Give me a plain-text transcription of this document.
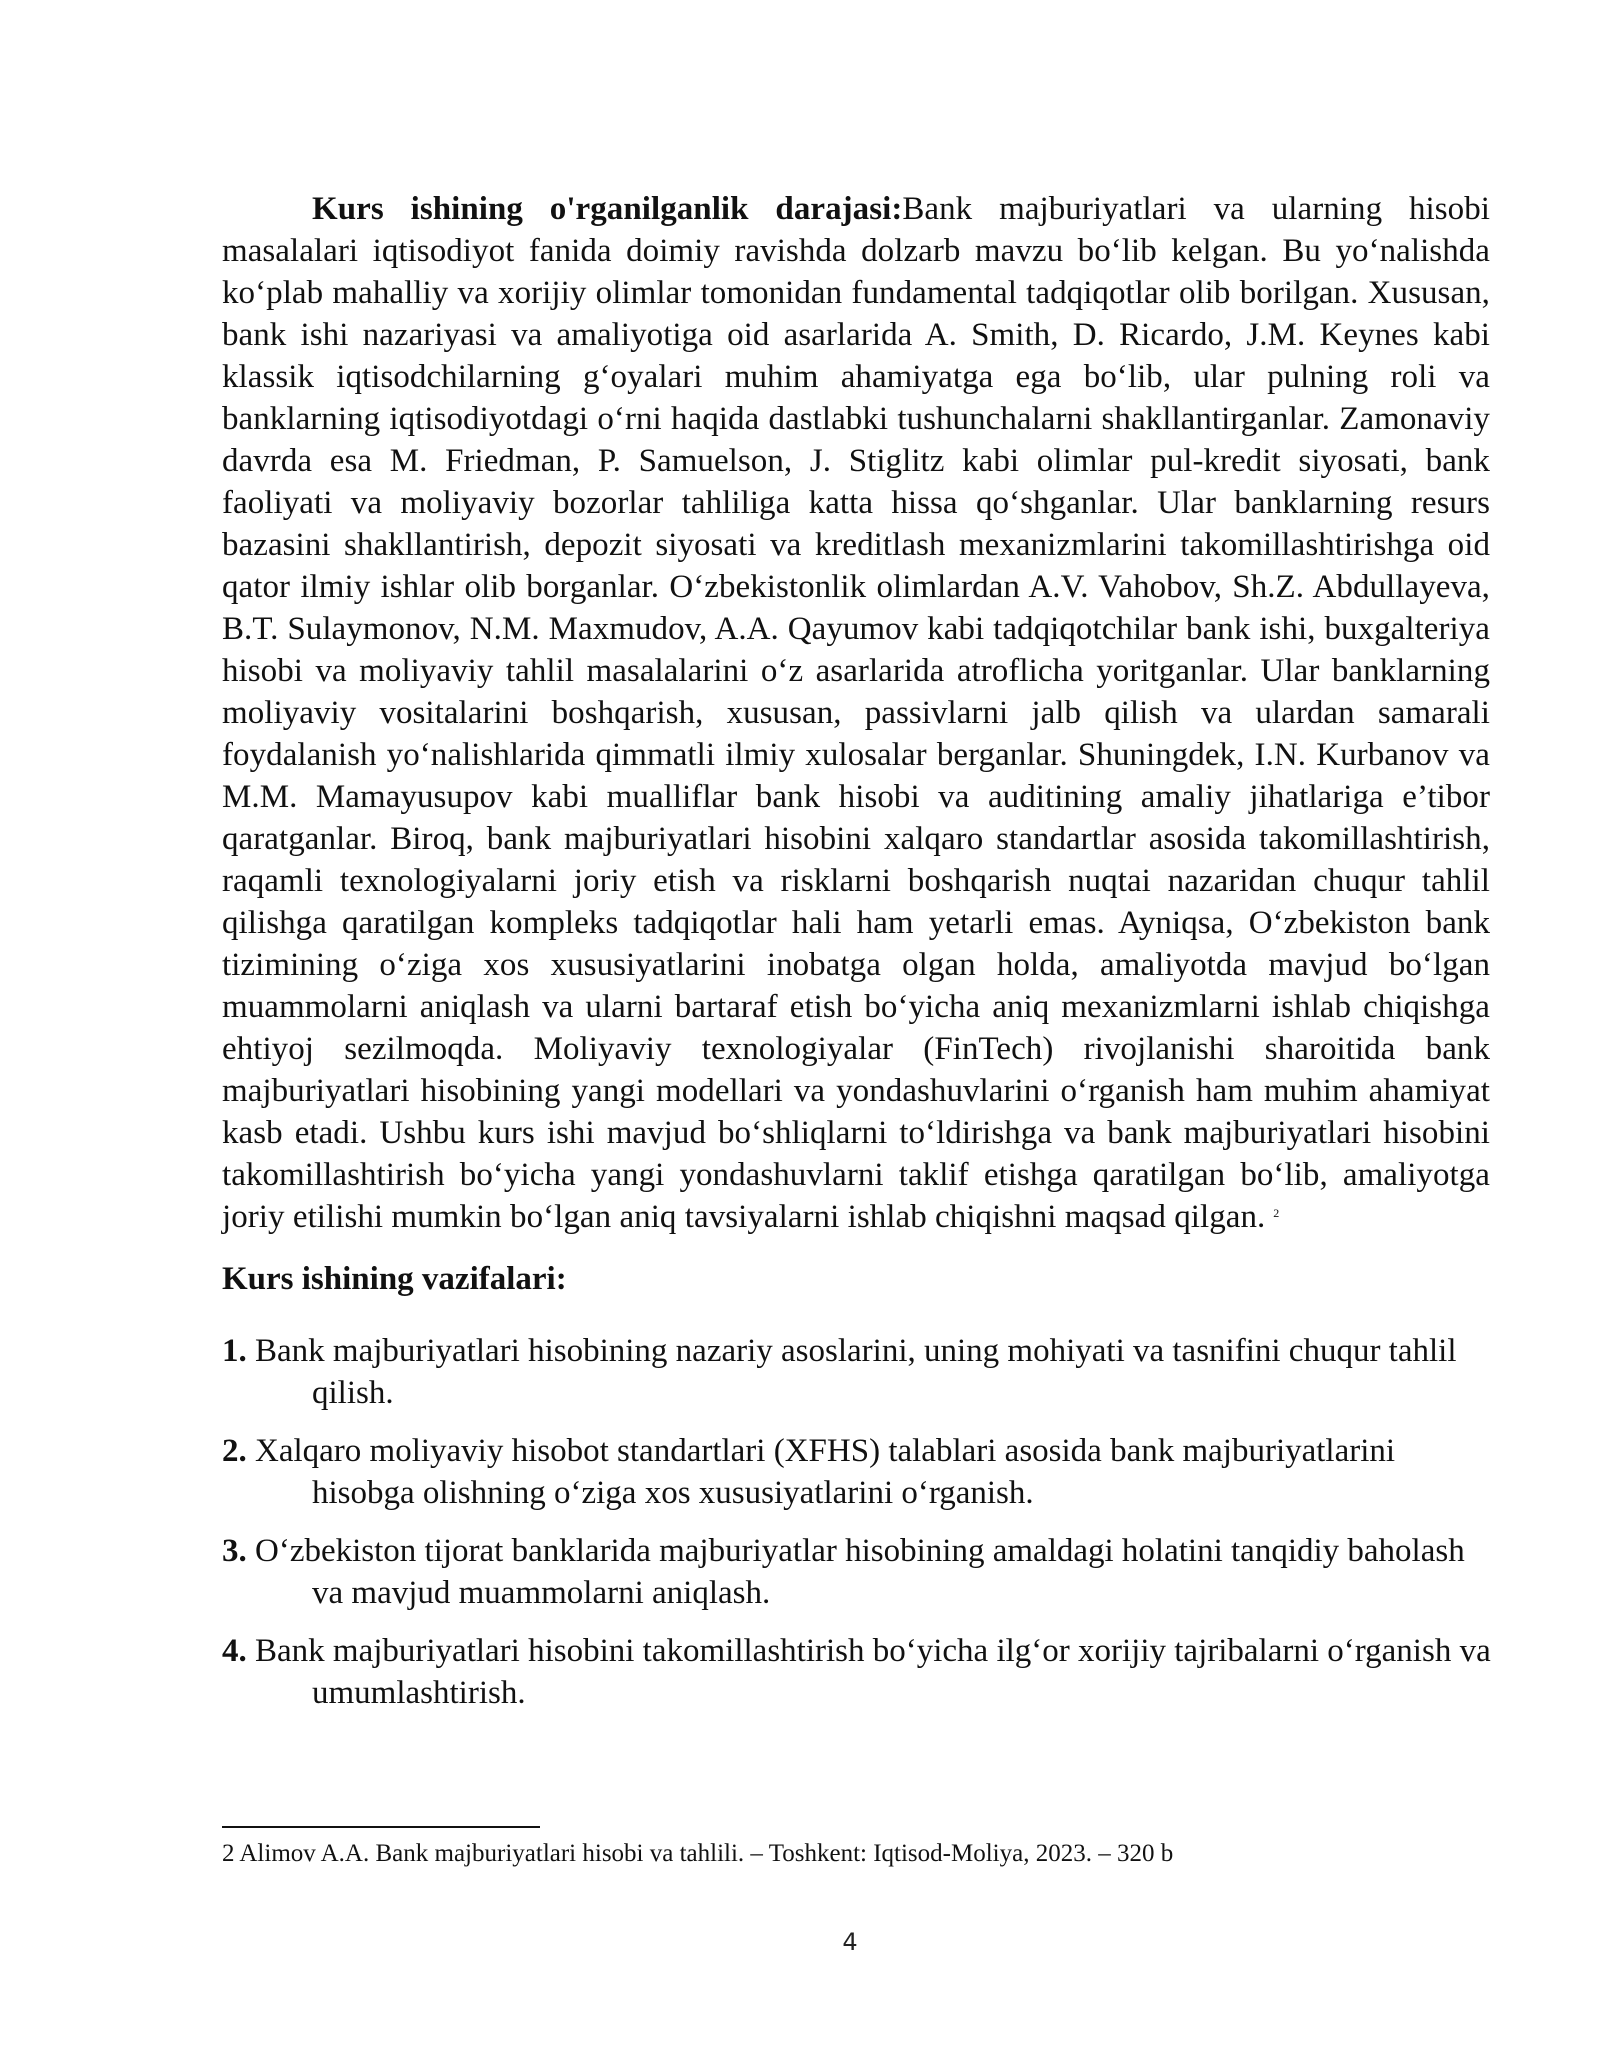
Kurs ishining o'rganilganlik darajasi:Bank majburiyatlari va ularning hisobi masalalari iqtisodiyot fanida doimiy ravishda dolzarb mavzu bo‘lib kelgan. Bu yo‘nalishda ko‘plab mahalliy va xorijiy olimlar tomonidan fundamental tadqiqotlar olib borilgan. Xususan, bank ishi nazariyasi va amaliyotiga oid asarlarida A. Smith, D. Ricardo, J.M. Keynes kabi klassik iqtisodchilarning g‘oyalari muhim ahamiyatga ega bo‘lib, ular pulning roli va banklarning iqtisodiyotdagi o‘rni haqida dastlabki tushunchalarni shakllantirganlar. Zamonaviy davrda esa M. Friedman, P. Samuelson, J. Stiglitz kabi olimlar pul-kredit siyosati, bank faoliyati va moliyaviy bozorlar tahliliga katta hissa qo‘shganlar. Ular banklarning resurs bazasini shakllantirish, depozit siyosati va kreditlash mexanizmlarini takomillashtirishga oid qator ilmiy ishlar olib borganlar. O‘zbekistonlik olimlardan A.V. Vahobov, Sh.Z. Abdullayeva, B.T. Sulaymonov, N.M. Maxmudov, A.A. Qayumov kabi tadqiqotchilar bank ishi, buxgalteriya hisobi va moliyaviy tahlil masalalarini o‘z asarlarida atroflicha yoritganlar. Ular banklarning moliyaviy vositalarini boshqarish, xususan, passivlarni jalb qilish va ulardan samarali foydalanish yo‘nalishlarida qimmatli ilmiy xulosalar berganlar. Shuningdek, I.N. Kurbanov va M.M. Mamayusupov kabi mualliflar bank hisobi va auditining amaliy jihatlariga e’tibor qaratganlar. Biroq, bank majburiyatlari hisobini xalqaro standartlar asosida takomillashtirish, raqamli texnologiyalarni joriy etish va risklarni boshqarish nuqtai nazaridan chuqur tahlil qilishga qaratilgan kompleks tadqiqotlar hali ham yetarli emas. Ayniqsa, O‘zbekiston bank tizimining o‘ziga xos xususiyatlarini inobatga olgan holda, amaliyotda mavjud bo‘lgan muammolarni aniqlash va ularni bartaraf etish bo‘yicha aniq mexanizmlarni ishlab chiqishga ehtiyoj sezilmoqda. Moliyaviy texnologiyalar (FinTech) rivojlanishi sharoitida bank majburiyatlari hisobining yangi modellari va yondashuvlarini o‘rganish ham muhim ahamiyat kasb etadi. Ushbu kurs ishi mavjud bo‘shliqlarni to‘ldirishga va bank majburiyatlari hisobini takomillashtirish bo‘yicha yangi yondashuvlarni taklif etishga qaratilgan bo‘lib, amaliyotga joriy etilishi mumkin bo‘lgan aniq tavsiyalarni ishlab chiqishni maqsad qilgan. $^2$

Kurs ishining vazifalari:
1. Bank majburiyatlari hisobining nazariy asoslarini, uning mohiyati va tasnifini chuqur tahlil qilish.
2. Xalqaro moliyaviy hisobot standartlari (XFHS) talablari asosida bank majburiyatlarini hisobga olishning o‘ziga xos xususiyatlarini o‘rganish.
3. O‘zbekiston tijorat banklarida majburiyatlar hisobining amaldagi holatini tanqidiy baholash va mavjud muammolarni aniqlash.
4. Bank majburiyatlari hisobini takomillashtirish bo‘yicha ilg‘or xorijiy tajribalarni o‘rganish va umumlashtirish.

2 Alimov A.A. Bank majburiyatlari hisobi va tahlili. – Toshkent: Iqtisod-Moliya, 2023. – 320 b

4
